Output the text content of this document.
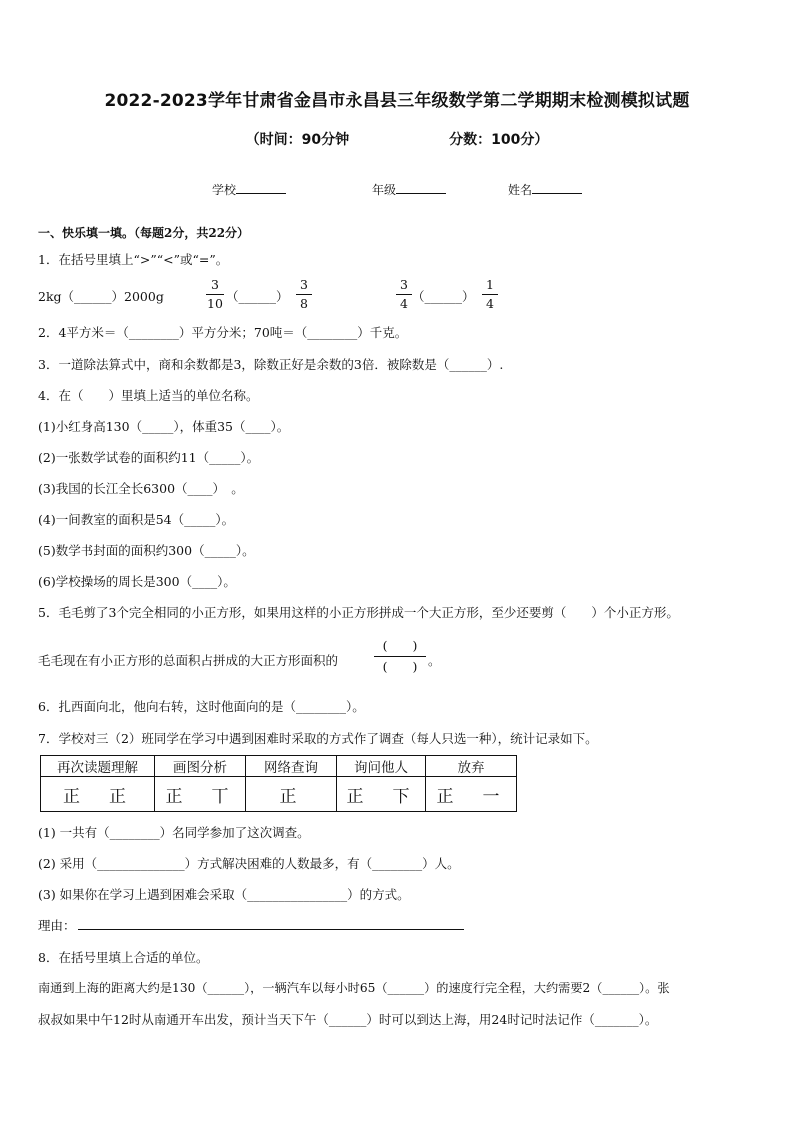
2022-2023学年甘肃省金昌市永昌县三年级数学第二学期期末检测模拟试题
（时间：90分钟	分数：100分）
学校	年级	姓名
一、快乐填一填。（每题2分，共22分）
1．在括号里填上“>”“<”或“=”。
2kg（______）2000g
3
10 （______）
3
8
3
4 （______）
1
4
2．4平方米＝（________）平方分米；70吨＝（________）千克。
3．一道除法算式中，商和余数都是3，除数正好是余数的3倍．被除数是（______）.
4．在（　　）里填上适当的单位名称。
(1)小红身高130（_____），体重35（____）。
(2)一张数学试卷的面积约11（_____）。
(3)我国的长江全长6300（____）　。
(4)一间教室的面积是54（_____）。
(5)数学书封面的面积约300（_____）。
(6)学校操场的周长是300（____）。
5．毛毛剪了3个完全相同的小正方形，如果用这样的小正方形拼成一个大正方形，至少还要剪（　　）个小正方形。
毛毛现在有小正方形的总面积占拼成的大正方形面积的
(　　)
(　　) 。
6．扎西面向北，他向右转，这时他面向的是（________）。
7．学校对三（2）班同学在学习中遇到困难时采取的方式作了调查（每人只选一种），统计记录如下。
再次读题理解	画图分析	网络查询	询问他人	放弃
正　正	正　丅	正	正　下	正　一
(1) 一共有（________）名同学参加了这次调查。
(2) 采用（______________）方式解决困难的人数最多，有（________）人。
(3) 如果你在学习上遇到困难会采取（________________）的方式。
理由：
8．在括号里填上合适的单位。
南通到上海的距离大约是130（______），一辆汽车以每小时65（______）的速度行完全程，大约需要2（______）。张
叔叔如果中午12时从南通开车出发，预计当天下午（______）时可以到达上海，用24时记时法记作（_______）。
